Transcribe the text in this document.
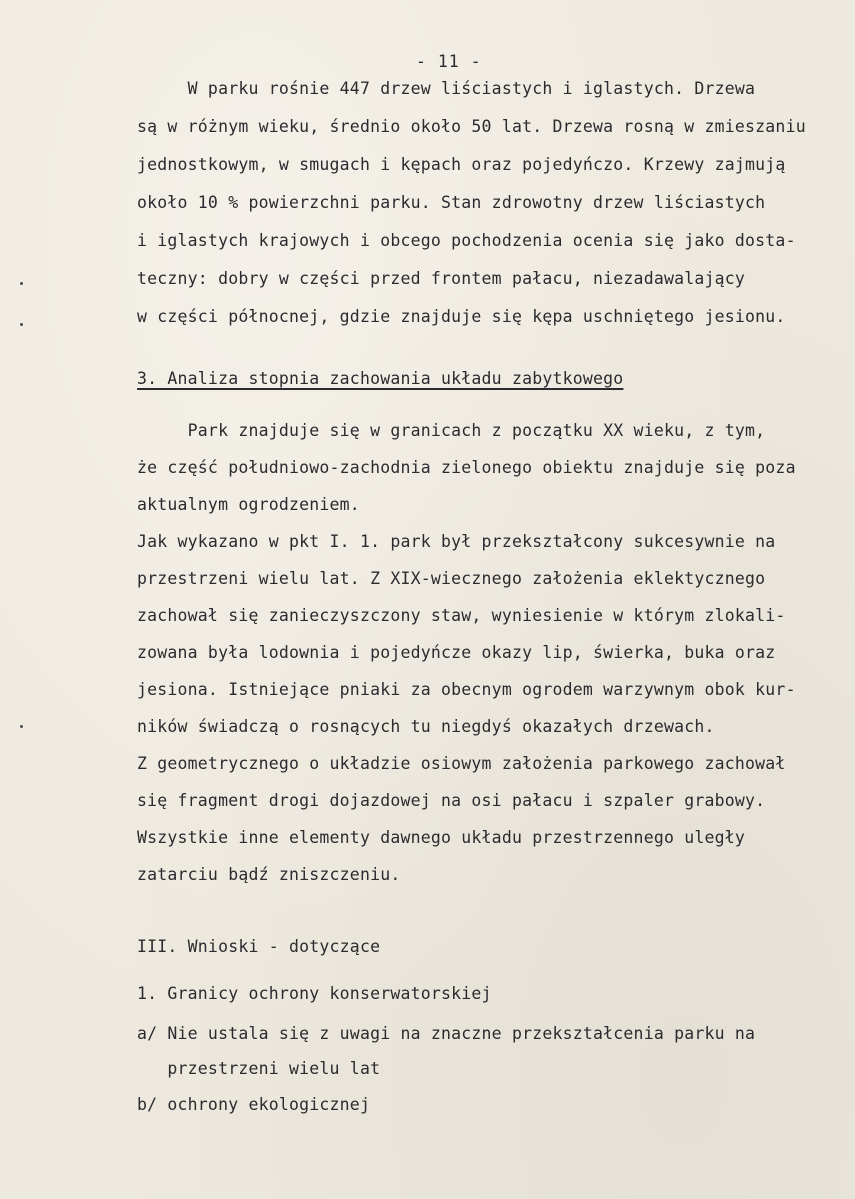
- 11 -
W parku rośnie 447 drzew liściastych i iglastych. Drzewa
są w różnym wieku, średnio około 50 lat. Drzewa rosną w zmieszaniu
jednostkowym, w smugach i kępach oraz pojedyńczo. Krzewy zajmują
około 10 % powierzchni parku. Stan zdrowotny drzew liściastych
i iglastych krajowych i obcego pochodzenia ocenia się jako dosta-
teczny: dobry w części przed frontem pałacu, niezadawalający
w części północnej, gdzie znajduje się kępa uschniętego jesionu.
3. Analiza stopnia zachowania układu zabytkowego
Park znajduje się w granicach z początku XX wieku, z tym,
że część południowo-zachodnia zielonego obiektu znajduje się poza
aktualnym ogrodzeniem.
Jak wykazano w pkt I. 1. park był przekształcony sukcesywnie na
przestrzeni wielu lat. Z XIX-wiecznego założenia eklektycznego
zachował się zanieczyszczony staw, wyniesienie w którym zlokali-
zowana była lodownia i pojedyńcze okazy lip, świerka, buka oraz
jesiona. Istniejące pniaki za obecnym ogrodem warzywnym obok kur-
ników świadczą o rosnących tu niegdyś okazałych drzewach.
Z geometrycznego o układzie osiowym założenia parkowego zachował
się fragment drogi dojazdowej na osi pałacu i szpaler grabowy.
Wszystkie inne elementy dawnego układu przestrzennego uległy
zatarciu bądź zniszczeniu.
III. Wnioski - dotyczące
1. Granicy ochrony konserwatorskiej
a/ Nie ustala się z uwagi na znaczne przekształcenia parku na
przestrzeni wielu lat
b/ ochrony ekologicznej
